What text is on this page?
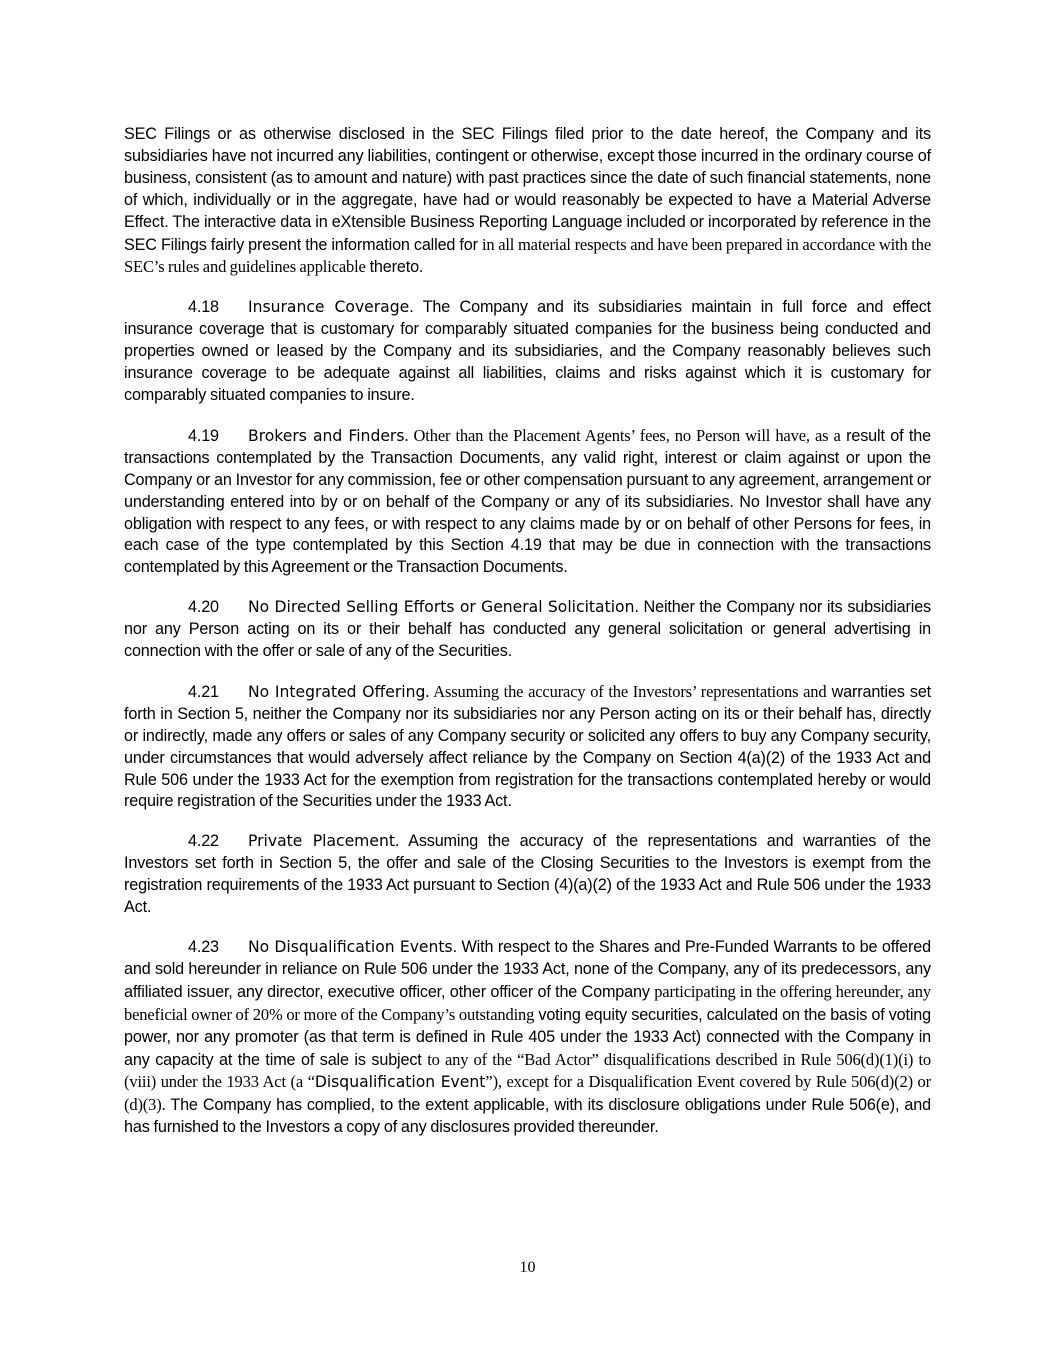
SEC Filings or as otherwise disclosed in the SEC Filings filed prior to the date hereof, the Company and its subsidiaries have not incurred any liabilities, contingent or otherwise, except those incurred in the ordinary course of business, consistent (as to amount and nature) with past practices since the date of such financial statements, none of which, individually or in the aggregate, have had or would reasonably be expected to have a Material Adverse Effect. The interactive data in eXtensible Business Reporting Language included or incorporated by reference in the SEC Filings fairly present the information called for in all material respects and have been prepared in accordance with the SEC’s rules and guidelines applicable thereto.

4.18 Insurance Coverage. The Company and its subsidiaries maintain in full force and effect insurance coverage that is customary for comparably situated companies for the business being conducted and properties owned or leased by the Company and its subsidiaries, and the Company reasonably believes such insurance coverage to be adequate against all liabilities, claims and risks against which it is customary for comparably situated companies to insure.

4.19 Brokers and Finders. Other than the Placement Agents’ fees, no Person will have, as a result of the transactions contemplated by the Transaction Documents, any valid right, interest or claim against or upon the Company or an Investor for any commission, fee or other compensation pursuant to any agreement, arrangement or understanding entered into by or on behalf of the Company or any of its subsidiaries. No Investor shall have any obligation with respect to any fees, or with respect to any claims made by or on behalf of other Persons for fees, in each case of the type contemplated by this Section 4.19 that may be due in connection with the transactions contemplated by this Agreement or the Transaction Documents.

4.20 No Directed Selling Efforts or General Solicitation. Neither the Company nor its subsidiaries nor any Person acting on its or their behalf has conducted any general solicitation or general advertising in connection with the offer or sale of any of the Securities.

4.21 No Integrated Offering. Assuming the accuracy of the Investors’ representations and warranties set forth in Section 5, neither the Company nor its subsidiaries nor any Person acting on its or their behalf has, directly or indirectly, made any offers or sales of any Company security or solicited any offers to buy any Company security, under circumstances that would adversely affect reliance by the Company on Section 4(a)(2) of the 1933 Act and Rule 506 under the 1933 Act for the exemption from registration for the transactions contemplated hereby or would require registration of the Securities under the 1933 Act.

4.22 Private Placement. Assuming the accuracy of the representations and warranties of the Investors set forth in Section 5, the offer and sale of the Closing Securities to the Investors is exempt from the registration requirements of the 1933 Act pursuant to Section (4)(a)(2) of the 1933 Act and Rule 506 under the 1933 Act.

4.23 No Disqualification Events. With respect to the Shares and Pre-Funded Warrants to be offered and sold hereunder in reliance on Rule 506 under the 1933 Act, none of the Company, any of its predecessors, any affiliated issuer, any director, executive officer, other officer of the Company participating in the offering hereunder, any beneficial owner of 20% or more of the Company’s outstanding voting equity securities, calculated on the basis of voting power, nor any promoter (as that term is defined in Rule 405 under the 1933 Act) connected with the Company in any capacity at the time of sale is subject to any of the “Bad Actor” disqualifications described in Rule 506(d)(1)(i) to (viii) under the 1933 Act (a “Disqualification Event”), except for a Disqualification Event covered by Rule 506(d)(2) or (d)(3). The Company has complied, to the extent applicable, with its disclosure obligations under Rule 506(e), and has furnished to the Investors a copy of any disclosures provided thereunder.

10
